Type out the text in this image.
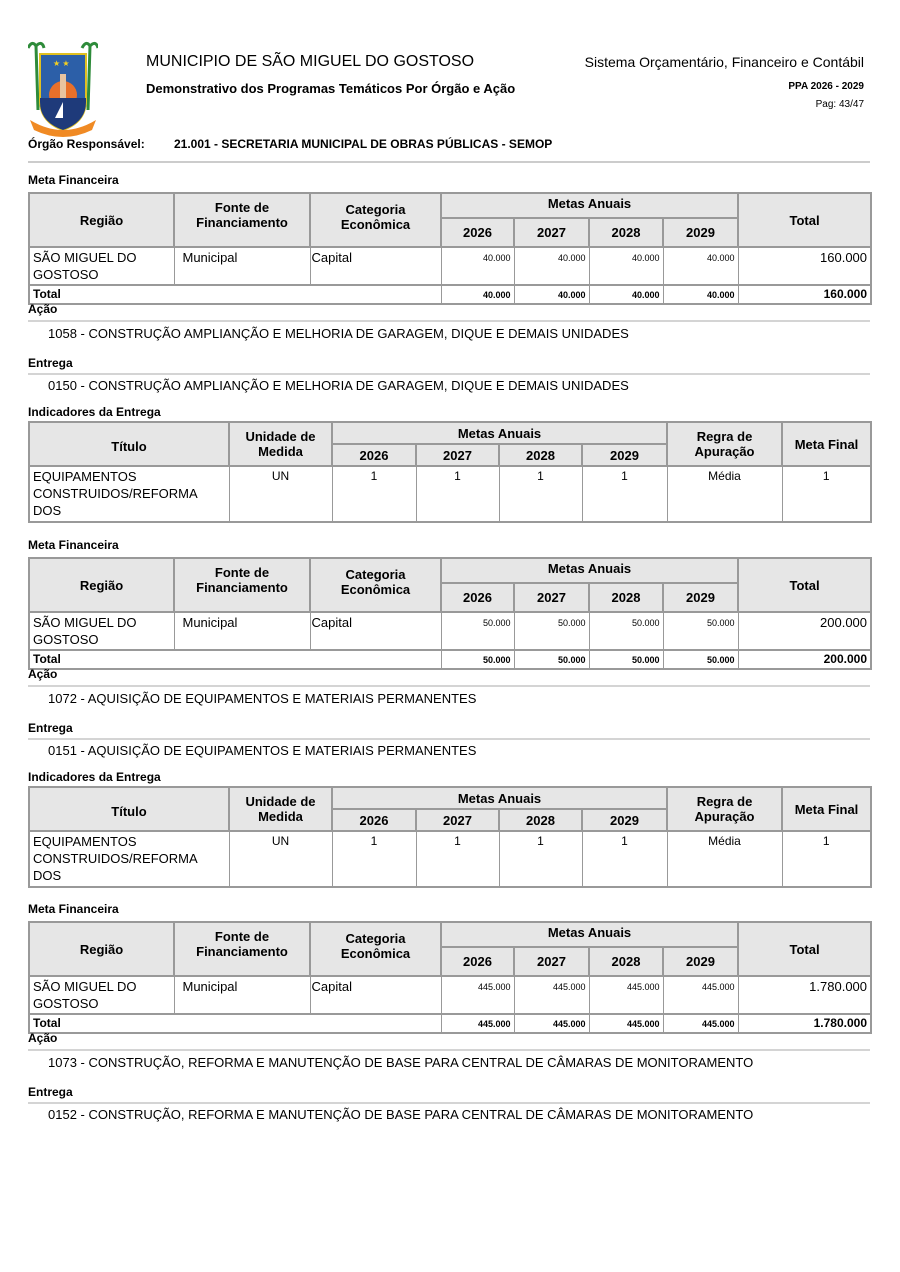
★ ★	MUNICIPIO DE SÃO MIGUEL DO GOSTOSO
Demonstrativo dos Programas Temáticos Por Órgão e Ação
Sistema Orçamentário, Financeiro e Contábil
PPA 2026 - 2029
Pag: 43/47
Órgão Responsável: 21.001 - SECRETARIA MUNICIPAL DE OBRAS PÚBLICAS - SEMOP
Meta Financeira
Região	Fonte de Financiamento	Categoria Econômica	Metas Anuais				Total
			2026	2027	2028	2029	
SÃO MIGUEL DO GOSTOSO	Municipal	Capital	40.000	40.000	40.000	40.000	160.000
Total			40.000	40.000	40.000	40.000	160.000
Ação
1058 - CONSTRUÇÃO AMPLIANÇÃO E MELHORIA DE GARAGEM, DIQUE E DEMAIS UNIDADES
Entrega
0150 - CONSTRUÇÃO AMPLIANÇÃO E MELHORIA DE GARAGEM, DIQUE E DEMAIS UNIDADES
Indicadores da Entrega
Título	Unidade de Medida	Metas Anuais				Regra de Apuração	Meta Final
		2026	2027	2028	2029		
EQUIPAMENTOS CONSTRUIDOS/REFORMA DOS	UN	1	1	1	1	Média	1
Meta Financeira
Região	Fonte de Financiamento	Categoria Econômica	Metas Anuais				Total
			2026	2027	2028	2029	
SÃO MIGUEL DO GOSTOSO	Municipal	Capital	50.000	50.000	50.000	50.000	200.000
Total			50.000	50.000	50.000	50.000	200.000
Ação
1072 - AQUISIÇÃO DE EQUIPAMENTOS E MATERIAIS PERMANENTES
Entrega
0151 - AQUISIÇÃO DE EQUIPAMENTOS E MATERIAIS PERMANENTES
Indicadores da Entrega
Título	Unidade de Medida	Metas Anuais				Regra de Apuração	Meta Final
		2026	2027	2028	2029		
EQUIPAMENTOS CONSTRUIDOS/REFORMA DOS	UN	1	1	1	1	Média	1
Meta Financeira
Região	Fonte de Financiamento	Categoria Econômica	Metas Anuais				Total
			2026	2027	2028	2029	
SÃO MIGUEL DO GOSTOSO	Municipal	Capital	445.000	445.000	445.000	445.000	1.780.000
Total			445.000	445.000	445.000	445.000	1.780.000
Ação
1073 - CONSTRUÇÃO, REFORMA E MANUTENÇÃO DE BASE PARA CENTRAL DE CÂMARAS DE MONITORAMENTO
Entrega
0152 - CONSTRUÇÃO, REFORMA E MANUTENÇÃO DE BASE PARA CENTRAL DE CÂMARAS DE MONITORAMENTO
